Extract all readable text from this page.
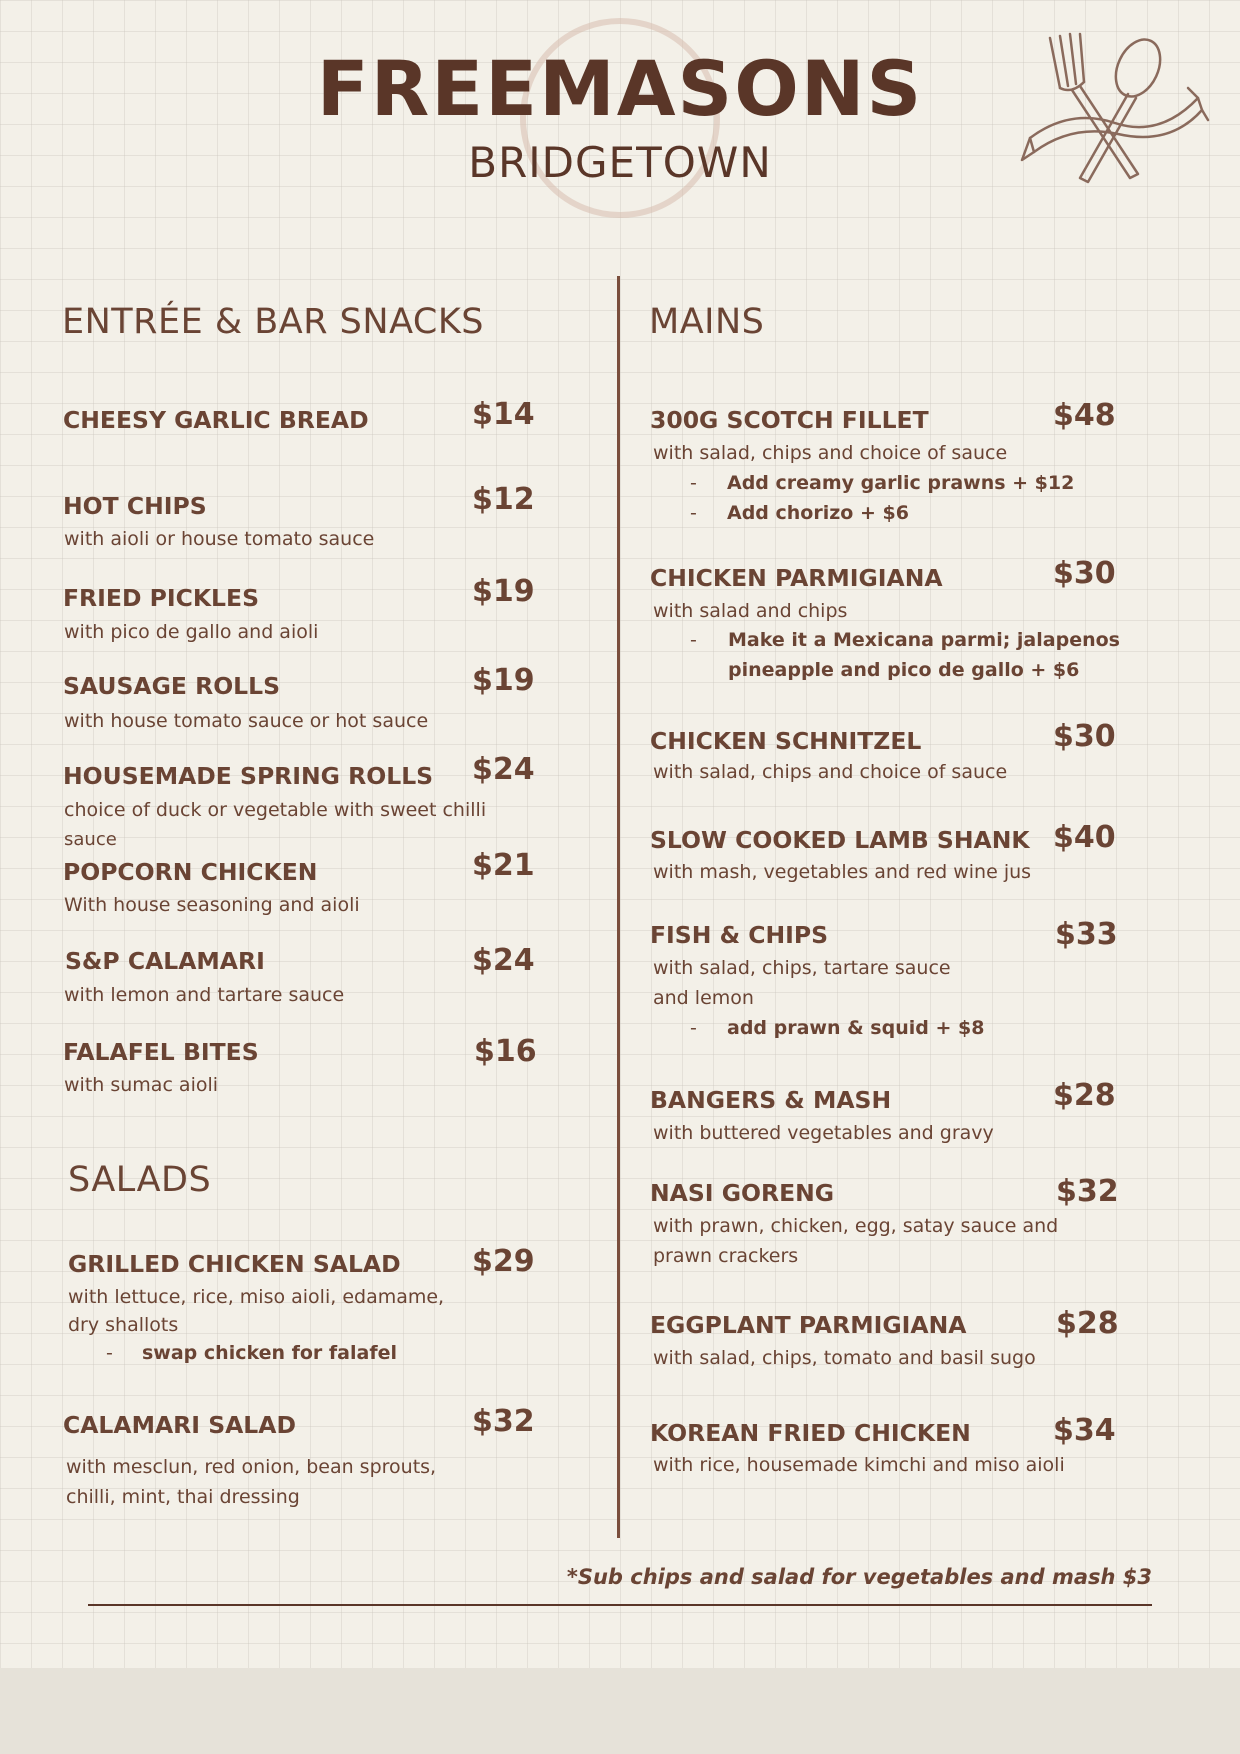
FREEMASONS
BRIDGETOWN
ENTRÉE & BAR SNACKS
CHEESY GARLIC BREAD	$14
HOT CHIPS	$12
with aioli or house tomato sauce
FRIED PICKLES	$19
with pico de gallo and aioli
SAUSAGE ROLLS	$19
with house tomato sauce or hot sauce
HOUSEMADE SPRING ROLLS $24
choice of duck or vegetable with sweet chilli
sauce
POPCORN CHICKEN	$21
With house seasoning and aioli
S&P CALAMARI	$24
with lemon and tartare sauce
FALAFEL BITES	$16
with sumac aioli
SALADS
GRILLED CHICKEN SALAD $29
with lettuce, rice, miso aioli, edamame,
dry shallots
- swap chicken for falafel
CALAMARI SALAD	$32
with mesclun, red onion, bean sprouts,
chilli, mint, thai dressing
MAINS
300G SCOTCH FILLET	$48
with salad, chips and choice of sauce
- Add creamy garlic prawns + $12
- Add chorizo + $6
CHICKEN PARMIGIANA	$30
with salad and chips
- Make it a Mexicana parmi; jalapenos
pineapple and pico de gallo + $6
CHICKEN SCHNITZEL	$30
with salad, chips and choice of sauce
SLOW COOKED LAMB SHANK $40
with mash, vegetables and red wine jus
FISH & CHIPS	$33
with salad, chips, tartare sauce
and lemon
- add prawn & squid + $8
BANGERS & MASH	$28
with buttered vegetables and gravy
NASI GORENG	$32
with prawn, chicken, egg, satay sauce and
prawn crackers
EGGPLANT PARMIGIANA	$28
with salad, chips, tomato and basil sugo
KOREAN FRIED CHICKEN	$34
with rice, housemade kimchi and miso aioli
*Sub chips and salad for vegetables and mash $3
